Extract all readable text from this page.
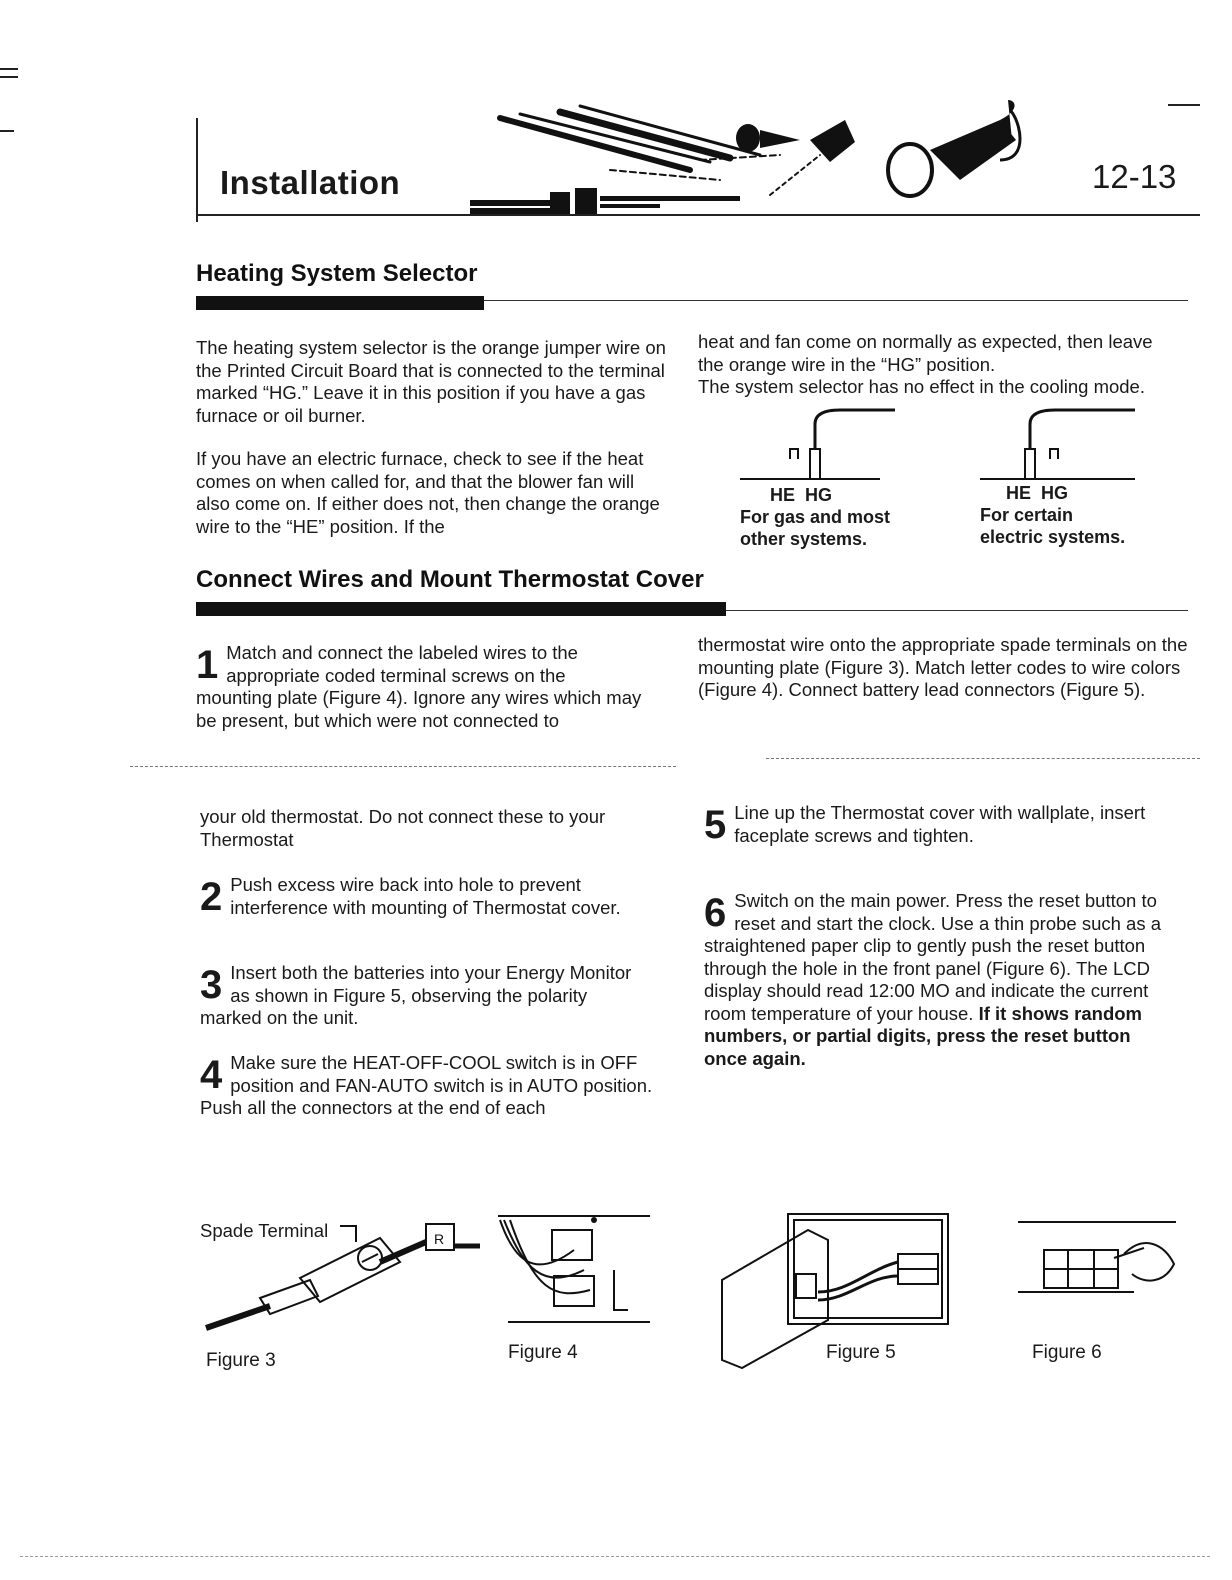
Installation	12-13
Heating System Selector
The heating system selector is the orange jumper wire on the Printed Circuit Board that is connected to the terminal marked “HG.” Leave it in this position if you have a gas furnace or oil burner.
If you have an electric furnace, check to see if the heat comes on when called for, and that the blower fan will also come on. If either does not, then change the orange wire to the “HE” position. If the
heat and fan come on normally as expected, then leave the orange wire in the “HG” position.
The system selector has no effect in the cooling mode.
HE  HG
For gas and most
other systems.
HE  HG
For certain
electric systems.
Connect Wires and Mount Thermostat Cover
1 Match and connect the labeled wires to the appropriate coded terminal screws on the mounting plate (Figure 4). Ignore any wires which may be present, but which were not connected to
thermostat wire onto the appropriate spade terminals on the mounting plate (Figure 3). Match letter codes to wire colors (Figure 4). Connect battery lead connectors (Figure 5).
your old thermostat. Do not connect these to your Thermostat
2 Push excess wire back into hole to prevent interference with mounting of Thermostat cover.
3 Insert both the batteries into your Energy Monitor as shown in Figure 5, observing the polarity marked on the unit.
4 Make sure the HEAT-OFF-COOL switch is in OFF position and FAN-AUTO switch is in AUTO position. Push all the connectors at the end of each
5 Line up the Thermostat cover with wallplate, insert faceplate screws and tighten.
6 Switch on the main power. Press the reset button to reset and start the clock. Use a thin probe such as a straightened paper clip to gently push the reset button through the hole in the front panel (Figure 6). The LCD display should read 12:00 MO and indicate the current room temperature of your house. If it shows random numbers, or partial digits, press the reset button once again.
Spade Terminal	R
Figure 3	Figure 4	Figure 5	Figure 6
